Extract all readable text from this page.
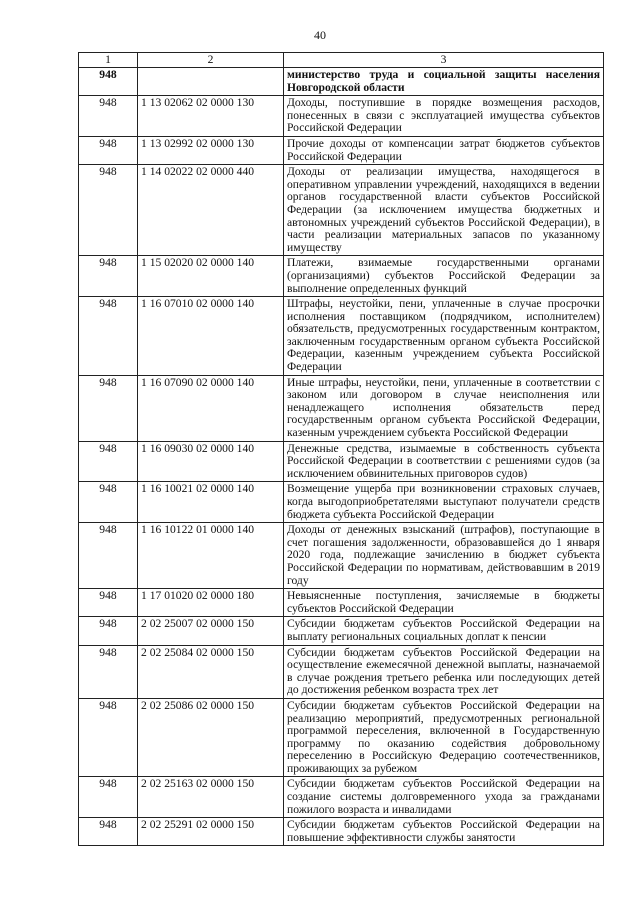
40
1	2	3
948		министерство труда и социальной защиты населения Новгородской области
948	1 13 02062 02 0000 130	Доходы, поступившие в порядке возмещения расходов, понесенных в связи с эксплуатацией имущества субъектов Российской Федерации
948	1 13 02992 02 0000 130	Прочие доходы от компенсации затрат бюджетов субъектов Российской Федерации
948	1 14 02022 02 0000 440	Доходы от реализации имущества, находящегося в оперативном управлении учреждений, находящихся в ведении органов государственной власти субъектов Российской Федерации (за исключением имущества бюджетных и автономных учреждений субъектов Российской Федерации), в части реализации материальных запасов по указанному имуществу
948	1 15 02020 02 0000 140	Платежи, взимаемые государственными органами (организациями) субъектов Российской Федерации за выполнение определенных функций
948	1 16 07010 02 0000 140	Штрафы, неустойки, пени, уплаченные в случае просрочки исполнения поставщиком (подрядчиком, исполнителем) обязательств, предусмотренных государственным контрактом, заключенным государственным органом субъекта Российской Федерации, казенным учреждением субъекта Российской Федерации
948	1 16 07090 02 0000 140	Иные штрафы, неустойки, пени, уплаченные в соответствии с законом или договором в случае неисполнения или ненадлежащего исполнения обязательств перед государственным органом субъекта Российской Федерации, казенным учреждением субъекта Российской Федерации
948	1 16 09030 02 0000 140	Денежные средства, изымаемые в собственность субъекта Российской Федерации в соответствии с решениями судов (за исключением обвинительных приговоров судов)
948	1 16 10021 02 0000 140	Возмещение ущерба при возникновении страховых случаев, когда выгодоприобретателями выступают получатели средств бюджета субъекта Российской Федерации
948	1 16 10122 01 0000 140	Доходы от денежных взысканий (штрафов), поступающие в счет погашения задолженности, образовавшейся до 1 января 2020 года, подлежащие зачислению в бюджет субъекта Российской Федерации по нормативам, действовавшим в 2019 году
948	1 17 01020 02 0000 180	Невыясненные поступления, зачисляемые в бюджеты субъектов Российской Федерации
948	2 02 25007 02 0000 150	Субсидии бюджетам субъектов Российской Федерации на выплату региональных социальных доплат к пенсии
948	2 02 25084 02 0000 150	Субсидии бюджетам субъектов Российской Федерации на осуществление ежемесячной денежной выплаты, назначаемой в случае рождения третьего ребенка или последующих детей до достижения ребенком возраста трех лет
948	2 02 25086 02 0000 150	Субсидии бюджетам субъектов Российской Федерации на реализацию мероприятий, предусмотренных региональной программой переселения, включенной в Государственную программу по оказанию содействия добровольному переселению в Российскую Федерацию соотечественников, проживающих за рубежом
948	2 02 25163 02 0000 150	Субсидии бюджетам субъектов Российской Федерации на создание системы долговременного ухода за гражданами пожилого возраста и инвалидами
948	2 02 25291 02 0000 150	Субсидии бюджетам субъектов Российской Федерации на повышение эффективности службы занятости
